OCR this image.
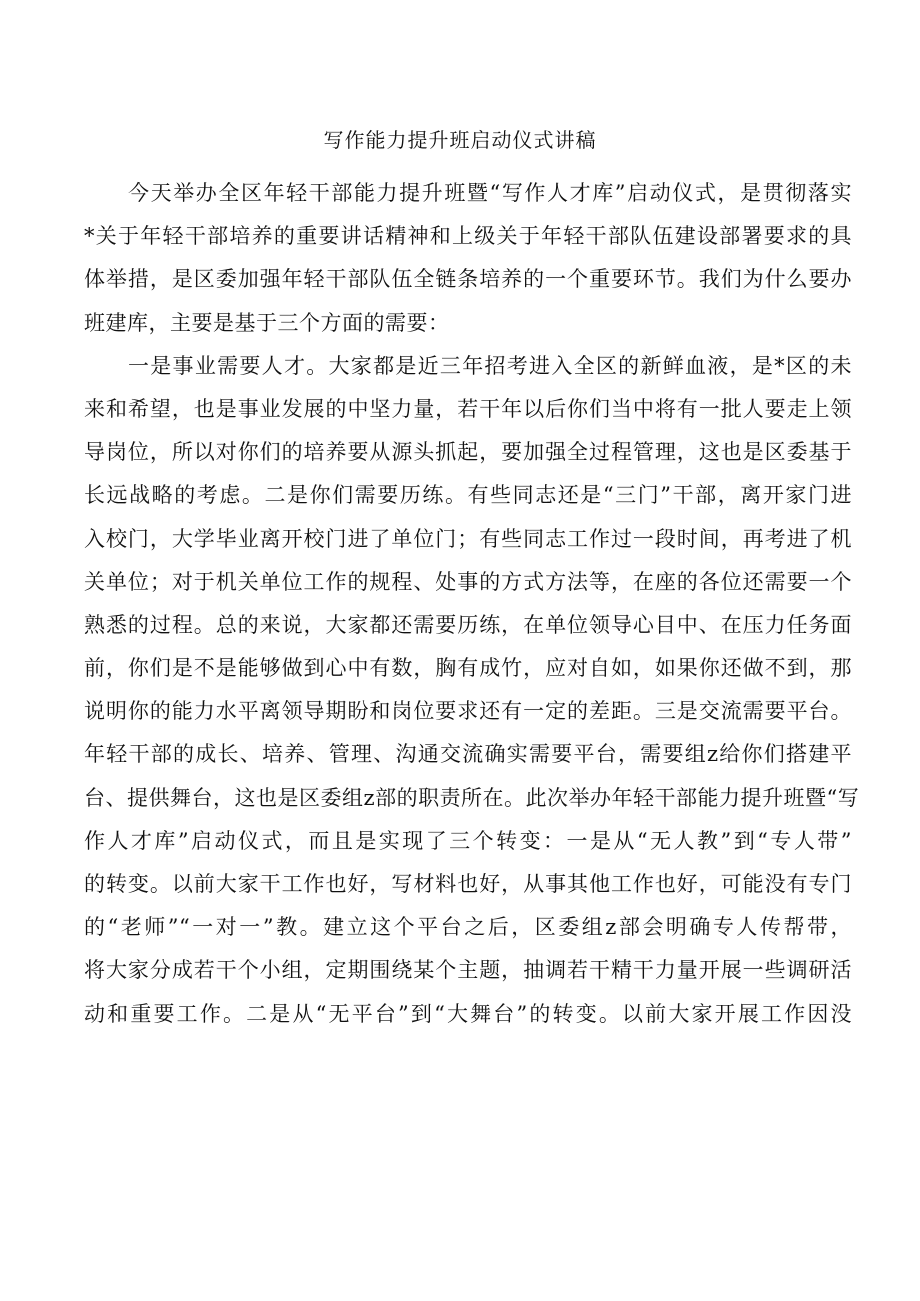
写作能力提升班启动仪式讲稿
今天举办全区年轻干部能力提升班暨“写作人才库”启动仪式，是贯彻落实
*关于年轻干部培养的重要讲话精神和上级关于年轻干部队伍建设部署要求的具
体举措，是区委加强年轻干部队伍全链条培养的一个重要环节。我们为什么要办
班建库，主要是基于三个方面的需要：
一是事业需要人才。大家都是近三年招考进入全区的新鲜血液，是*区的未
来和希望，也是事业发展的中坚力量，若干年以后你们当中将有一批人要走上领
导岗位，所以对你们的培养要从源头抓起，要加强全过程管理，这也是区委基于
长远战略的考虑。二是你们需要历练。有些同志还是“三门”干部，离开家门进
入校门，大学毕业离开校门进了单位门；有些同志工作过一段时间，再考进了机
关单位；对于机关单位工作的规程、处事的方式方法等，在座的各位还需要一个
熟悉的过程。总的来说，大家都还需要历练，在单位领导心目中、在压力任务面
前，你们是不是能够做到心中有数，胸有成竹，应对自如，如果你还做不到，那
说明你的能力水平离领导期盼和岗位要求还有一定的差距。三是交流需要平台。
年轻干部的成长、培养、管理、沟通交流确实需要平台，需要组z给你们搭建平
台、提供舞台，这也是区委组z部的职责所在。此次举办年轻干部能力提升班暨“写
作人才库”启动仪式，而且是实现了三个转变：一是从“无人教”到“专人带”
的转变。以前大家干工作也好，写材料也好，从事其他工作也好，可能没有专门
的“老师”“一对一”教。建立这个平台之后，区委组z部会明确专人传帮带，
将大家分成若干个小组，定期围绕某个主题，抽调若干精干力量开展一些调研活
动和重要工作。二是从“无平台”到“大舞台”的转变。以前大家开展工作因没
